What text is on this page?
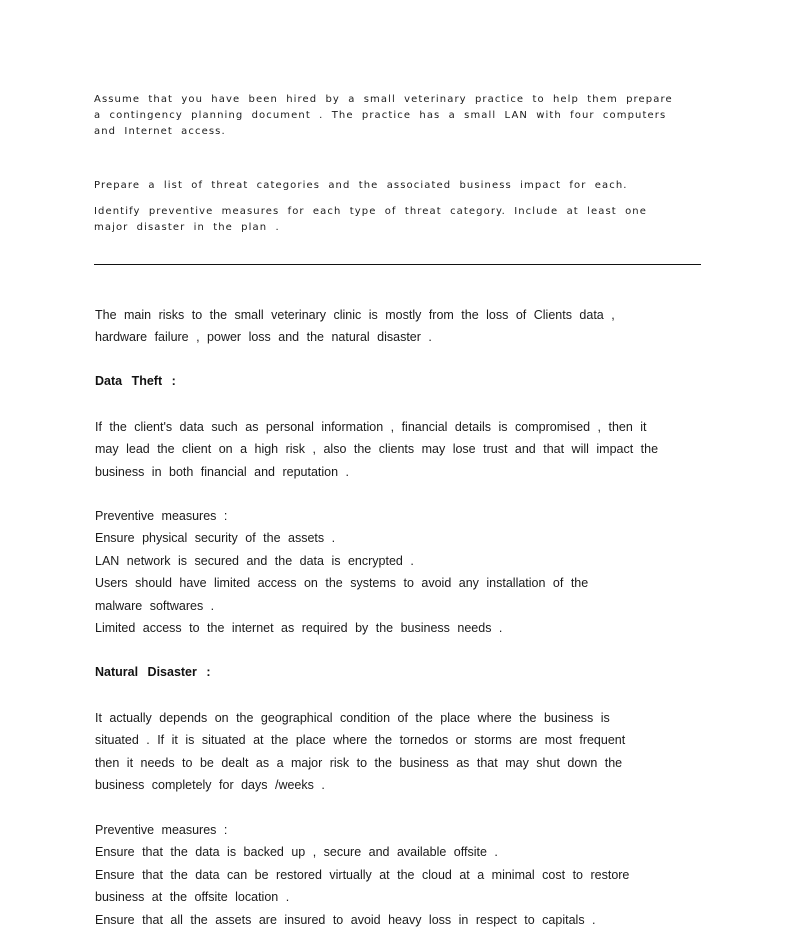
Assume that you have been hired by a small veterinary practice to help them prepare a contingency planning document . The practice has a small LAN with four computers and Internet access.

Prepare a list of threat categories and the associated business impact for each.

Identify preventive measures for each type of threat category. Include at least one major disaster in the plan .

The main risks to the small veterinary clinic is mostly from the loss of Clients data ,
hardware failure , power loss and the natural disaster .

Data Theft :

If the client's data such as personal information , financial details is compromised , then it
may lead the client on a high risk , also the clients may lose trust and that will impact the
business in both financial and reputation .
Preventive measures :
Ensure physical security of the assets .
LAN network is secured and the data is encrypted .
Users should have limited access on the systems to avoid any installation of the
malware softwares .
Limited access to the internet as required by the business needs .

Natural Disaster :

It actually depends on the geographical condition of the place where the business is
situated . If it is situated at the place where the tornedos or storms are most frequent
then it needs to be dealt as a major risk to the business as that may shut down the
business completely for days /weeks .
Preventive measures :
Ensure that the data is backed up , secure and available offsite .
Ensure that the data can be restored virtually at the cloud at a minimal cost to restore
business at the offsite location .
Ensure that all the assets are insured to avoid heavy loss in respect to capitals .
